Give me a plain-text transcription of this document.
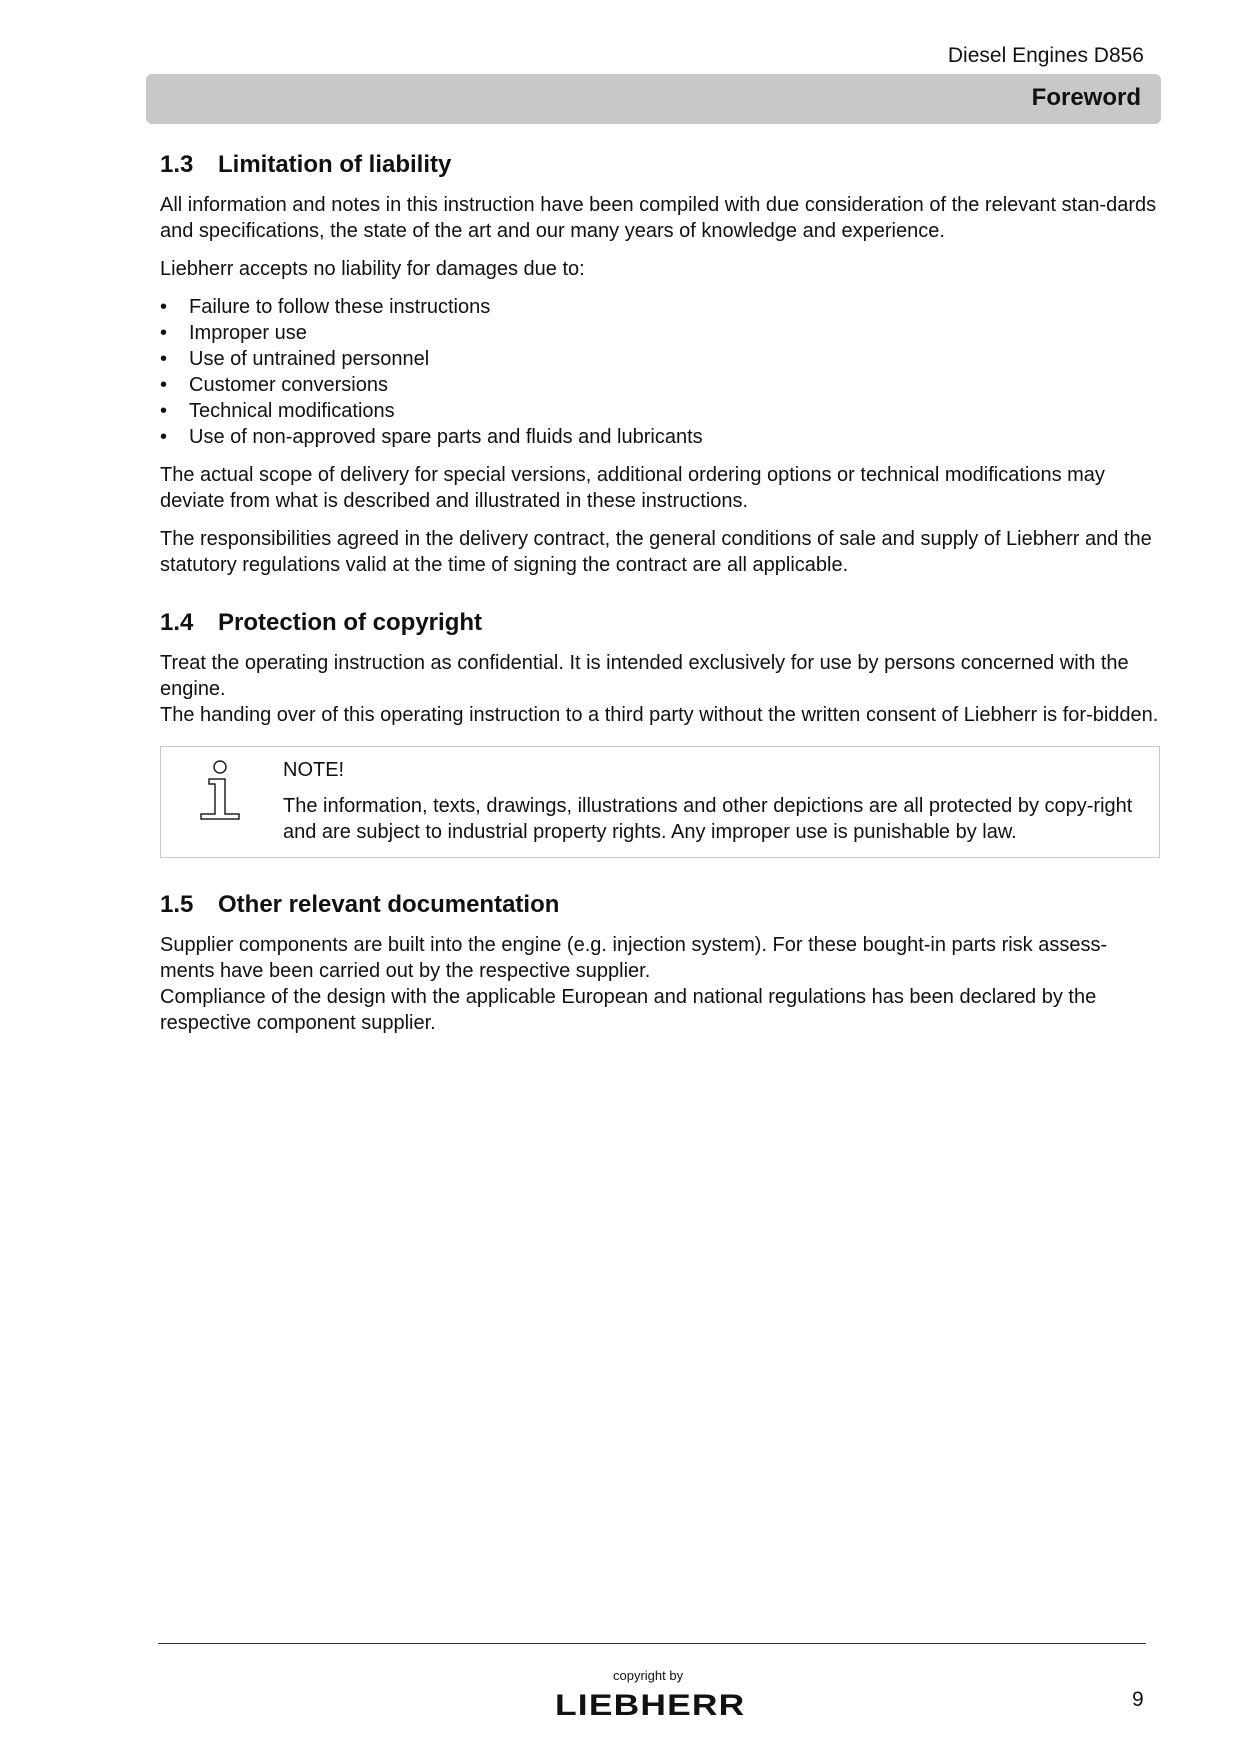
Diesel Engines D856
Foreword
1.3 Limitation of liability

All information and notes in this instruction have been compiled with due consideration of the relevant stan-dards and specifications, the state of the art and our many years of knowledge and experience.

Liebherr accepts no liability for damages due to:

• Failure to follow these instructions
• Improper use
• Use of untrained personnel
• Customer conversions
• Technical modifications
• Use of non-approved spare parts and fluids and lubricants

The actual scope of delivery for special versions, additional ordering options or technical modifications may deviate from what is described and illustrated in these instructions.

The responsibilities agreed in the delivery contract, the general conditions of sale and supply of Liebherr and the statutory regulations valid at the time of signing the contract are all applicable.

1.4 Protection of copyright

Treat the operating instruction as confidential. It is intended exclusively for use by persons concerned with the engine.

The handing over of this operating instruction to a third party without the written consent of Liebherr is for-bidden.

NOTE!

The information, texts, drawings, illustrations and other depictions are all protected by copy-right and are subject to industrial property rights. Any improper use is punishable by law.

1.5 Other relevant documentation

Supplier components are built into the engine (e.g. injection system). For these bought-in parts risk assess-ments have been carried out by the respective supplier.

Compliance of the design with the applicable European and national regulations has been declared by the respective component supplier.

copyright by
LIEBHERR	9
